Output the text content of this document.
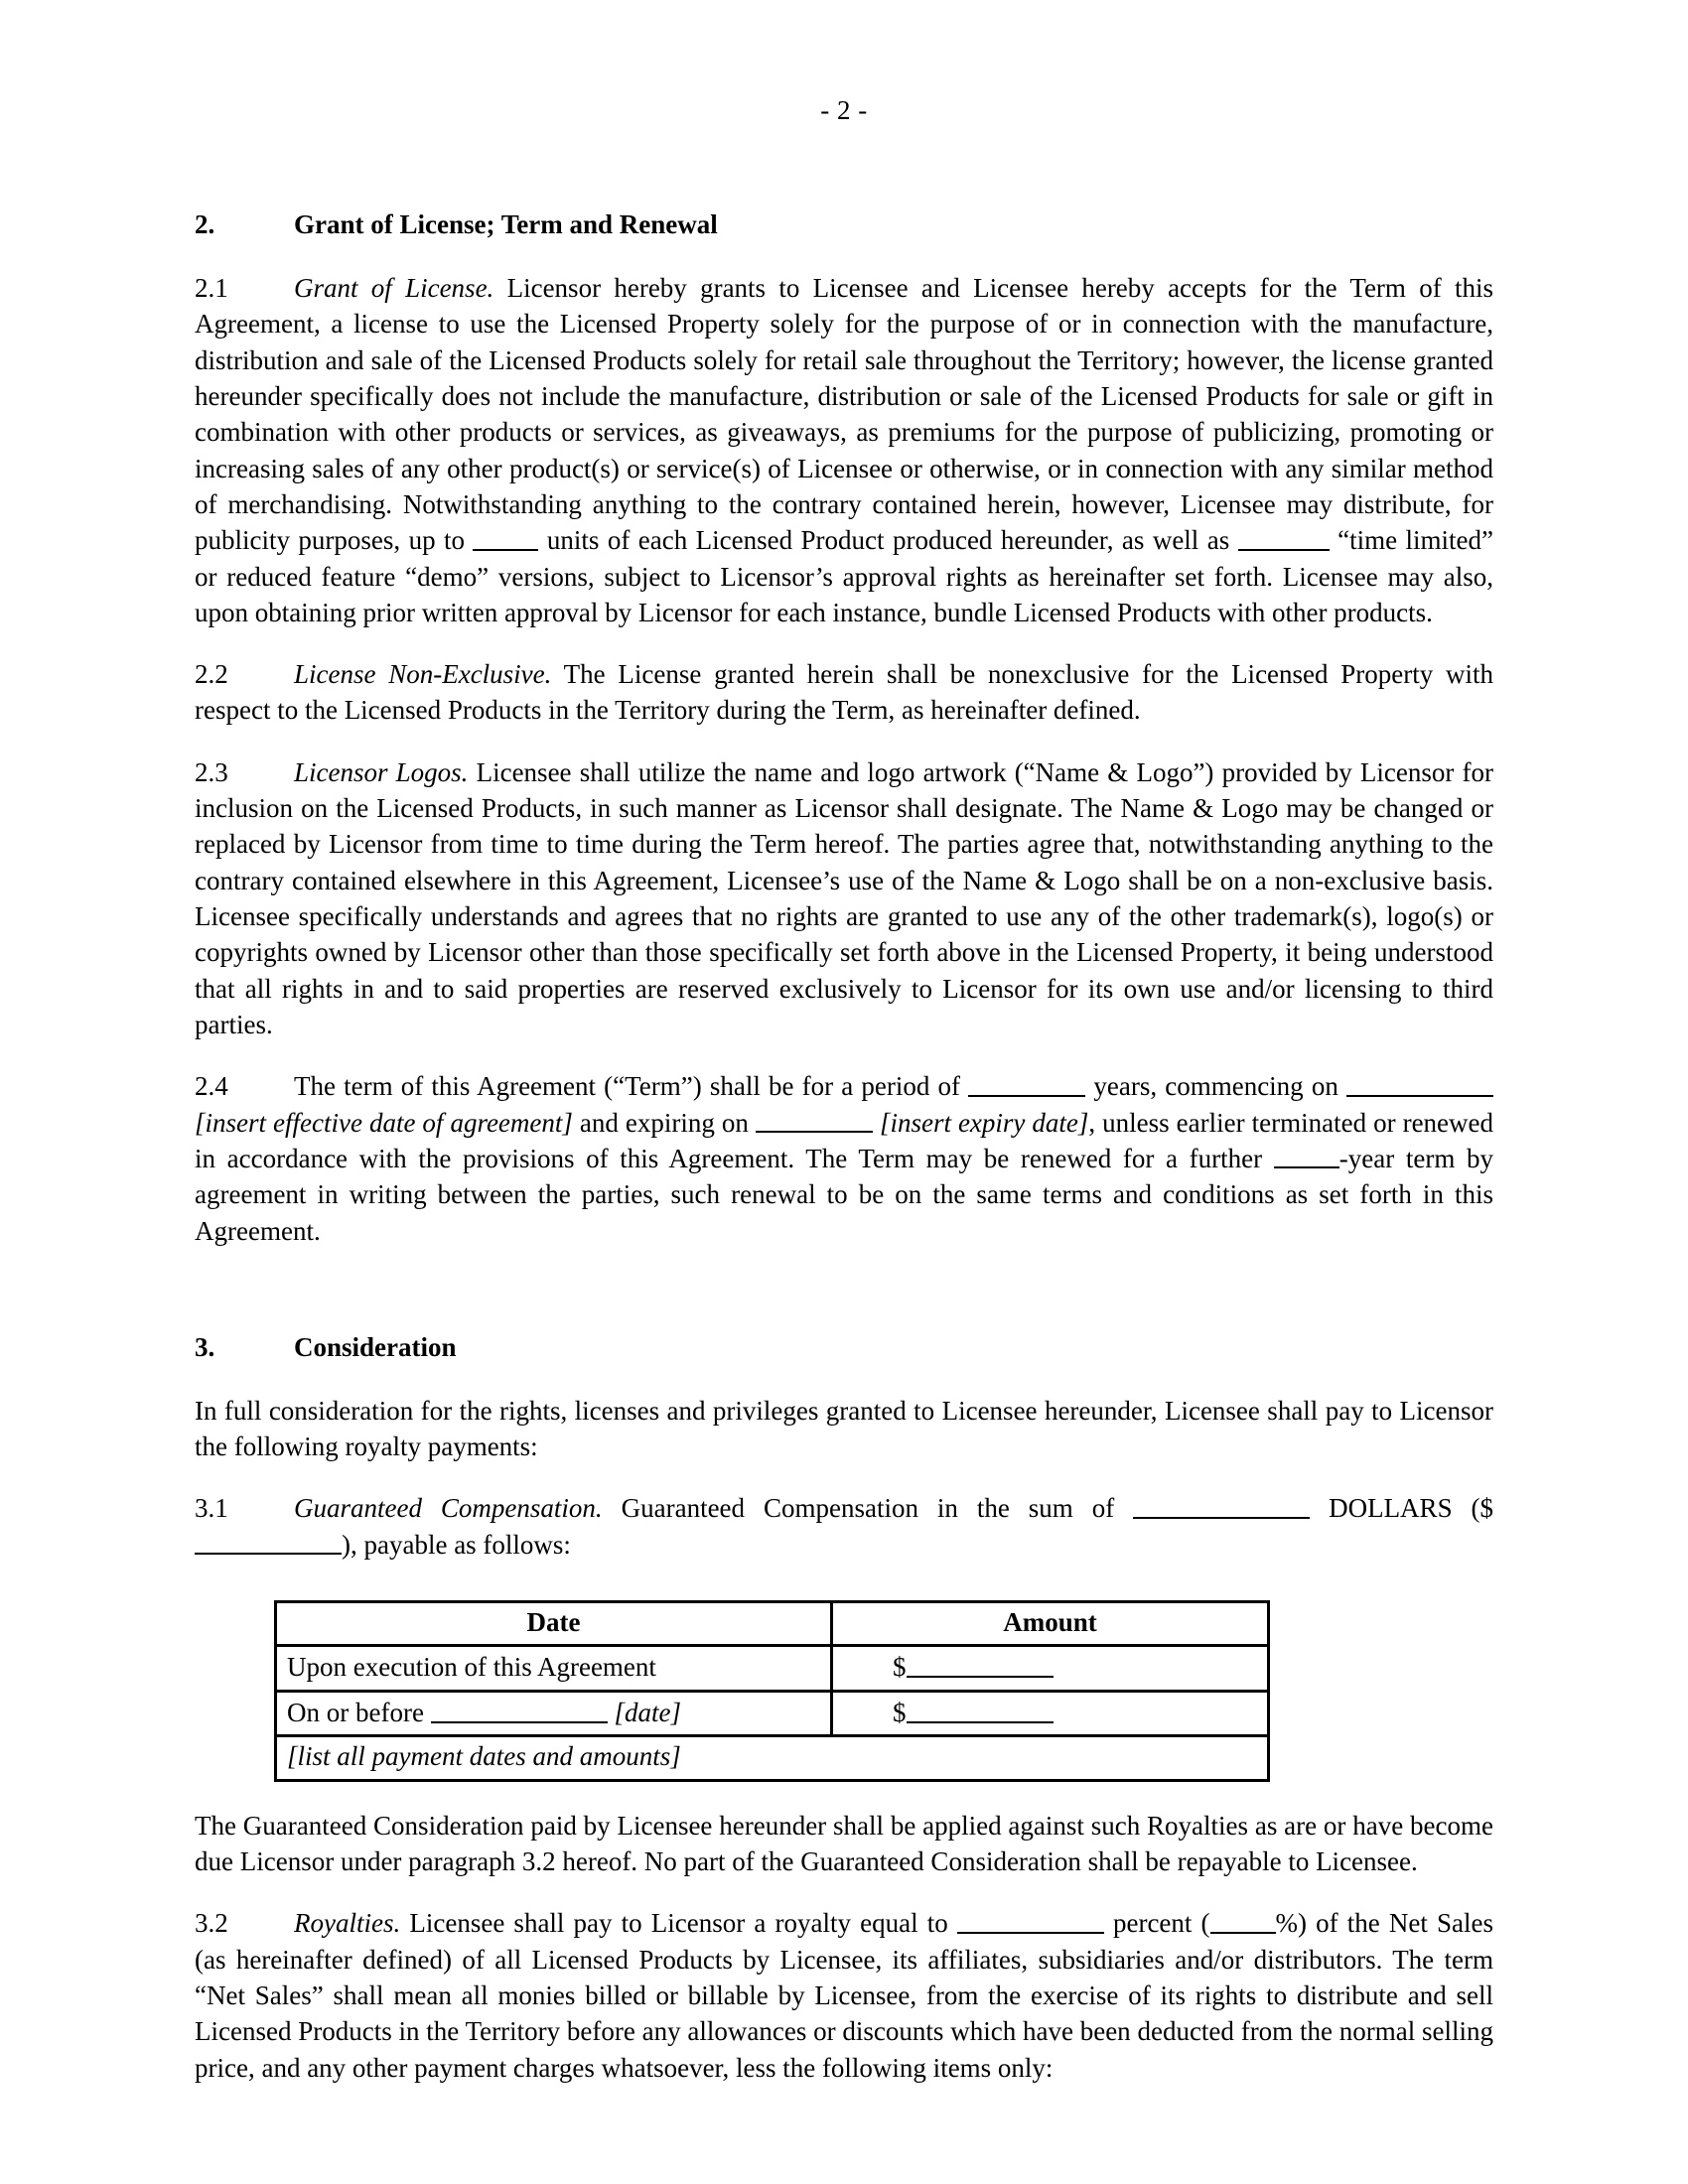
- 2 -
2.	Grant of License; Term and Renewal

2.1 Grant of License. Licensor hereby grants to Licensee and Licensee hereby accepts for the Term of this Agreement, a license to use the Licensed Property solely for the purpose of or in connection with the manufacture, distribution and sale of the Licensed Products solely for retail sale throughout the Territory; however, the license granted hereunder specifically does not include the manufacture, distribution or sale of the Licensed Products for sale or gift in combination with other products or services, as giveaways, as premiums for the purpose of publicizing, promoting or increasing sales of any other product(s) or service(s) of Licensee or otherwise, or in connection with any similar method of merchandising. Notwithstanding anything to the contrary contained herein, however, Licensee may distribute, for publicity purposes, up to  units of each Licensed Product produced hereunder, as well as	“time limited” or reduced feature “demo” versions, subject to Licensor’s approval rights as hereinafter set forth. Licensee may also, upon obtaining prior written approval by Licensor for each instance, bundle Licensed Products with other products.

2.2 License Non-Exclusive. The License granted herein shall be nonexclusive for the Licensed Property with respect to the Licensed Products in the Territory during the Term, as hereinafter defined.

2.3 Licensor Logos. Licensee shall utilize the name and logo artwork (“Name & Logo”) provided by Licensor for inclusion on the Licensed Products, in such manner as Licensor shall designate. The Name & Logo may be changed or replaced by Licensor from time to time during the Term hereof. The parties agree that, notwithstanding anything to the contrary contained elsewhere in this Agreement, Licensee’s use of the Name & Logo shall be on a non-exclusive basis. Licensee specifically understands and agrees that no rights are granted to use any of the other trademark(s), logo(s) or copyrights owned by Licensor other than those specifically set forth above in the Licensed Property, it being understood that all rights in and to said properties are reserved exclusively to Licensor for its own use and/or licensing to third parties.

2.4 The term of this Agreement (“Term”) shall be for a period of	years, commencing on  [insert effective date of agreement] and expiring on	[insert expiry date], unless earlier terminated or renewed in accordance with the provisions of this Agreement. The Term may be renewed for a further -year term by agreement in writing between the parties, such renewal to be on the same terms and conditions as set forth in this Agreement.

3.	Consideration

In full consideration for the rights, licenses and privileges granted to Licensee hereunder, Licensee shall pay to Licensor the following royalty payments:

3.1 Guaranteed Compensation. Guaranteed Compensation in the sum of	DOLLARS ($), payable as follows:

Date	Amount
Upon execution of this Agreement	$
On or before [date]	$
[list all payment dates and amounts]	

The Guaranteed Consideration paid by Licensee hereunder shall be applied against such Royalties as are or have become due Licensor under paragraph 3.2 hereof. No part of the Guaranteed Consideration shall be repayable to Licensee.

3.2 Royalties. Licensee shall pay to Licensor a royalty equal to	percent ( %) of the Net Sales (as hereinafter defined) of all Licensed Products by Licensee, its affiliates, subsidiaries and/or distributors. The term “Net Sales” shall mean all monies billed or billable by Licensee, from the exercise of its rights to distribute and sell Licensed Products in the Territory before any allowances or discounts which have been deducted from the normal selling price, and any other payment charges whatsoever, less the following items only:
